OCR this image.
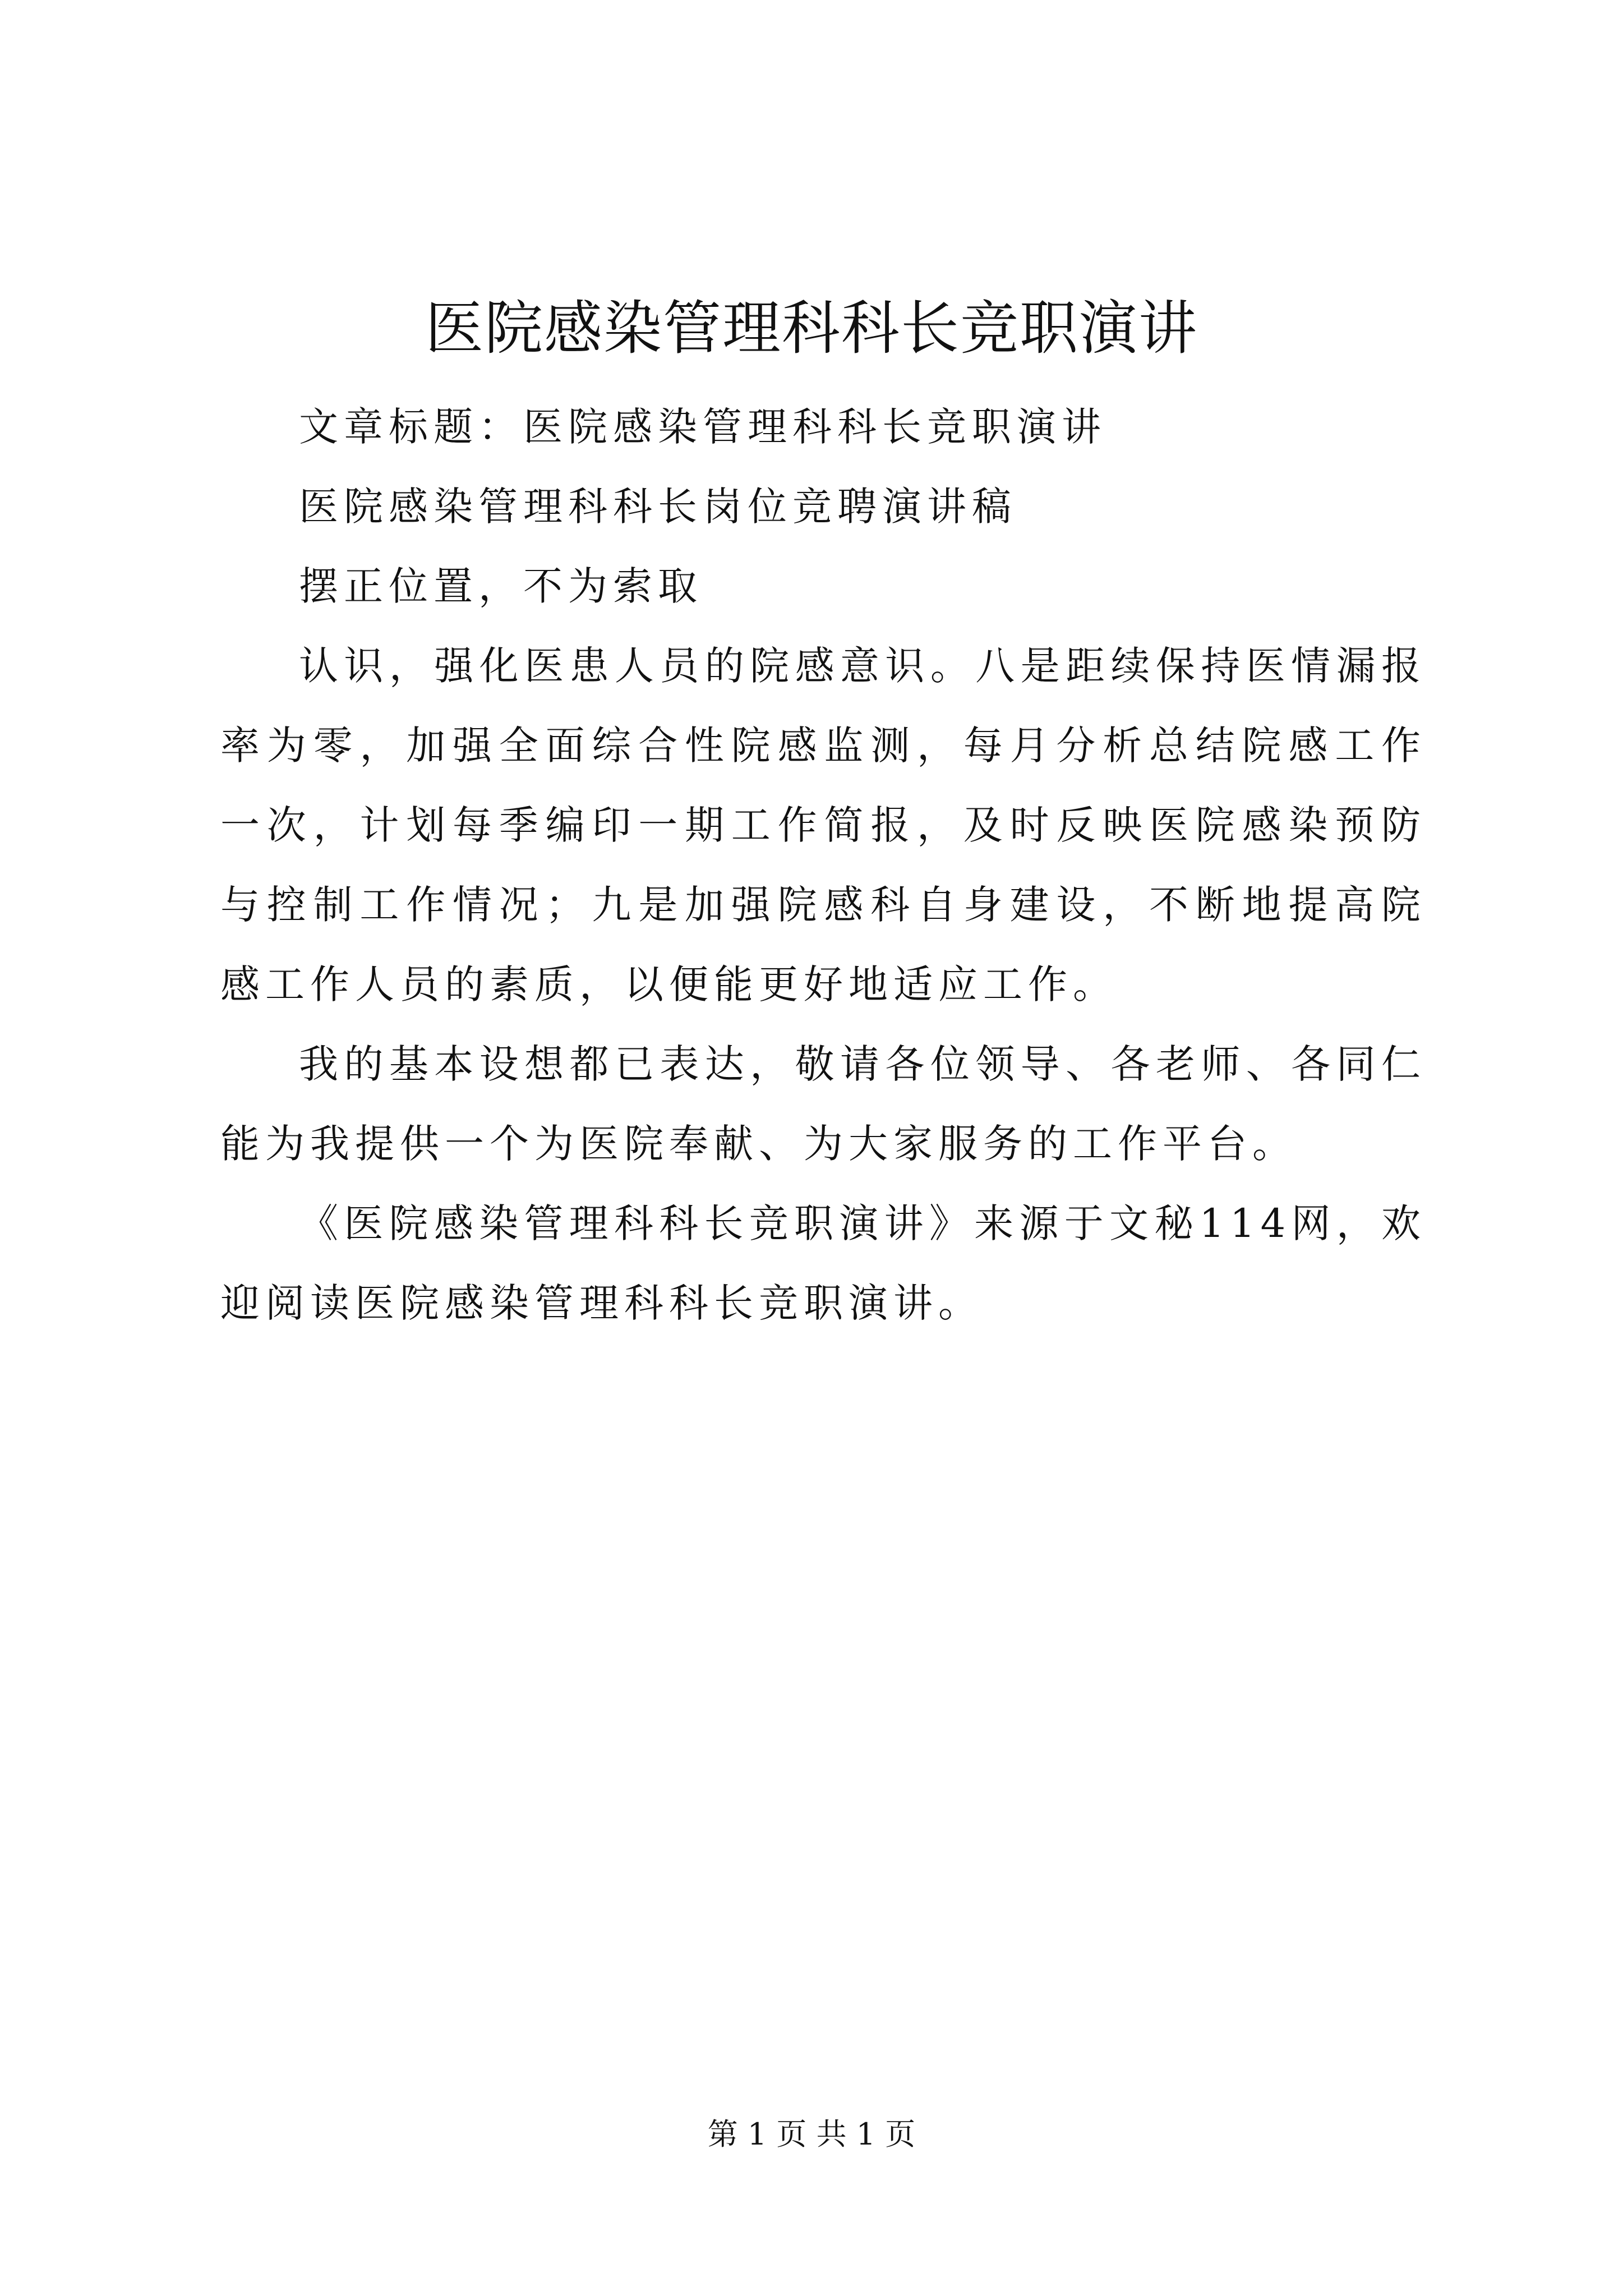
医院感染管理科科长竞职演讲

文章标题：医院感染管理科科长竞职演讲

医院感染管理科科长岗位竞聘演讲稿

摆正位置，不为索取

认识，强化医患人员的院感意识。八是距续保持医情漏报率为零，加强全面综合性院感监测，每月分析总结院感工作一次，计划每季编印一期工作简报，及时反映医院感染预防与控制工作情况；九是加强院感科自身建设，不断地提高院感工作人员的素质，以便能更好地适应工作。

我的基本设想都已表达，敬请各位领导、各老师、各同仁能为我提供一个为医院奉献、为大家服务的工作平台。

《医院感染管理科科长竞职演讲》来源于文秘114网，欢迎阅读医院感染管理科科长竞职演讲。

第 1 页 共 1 页
